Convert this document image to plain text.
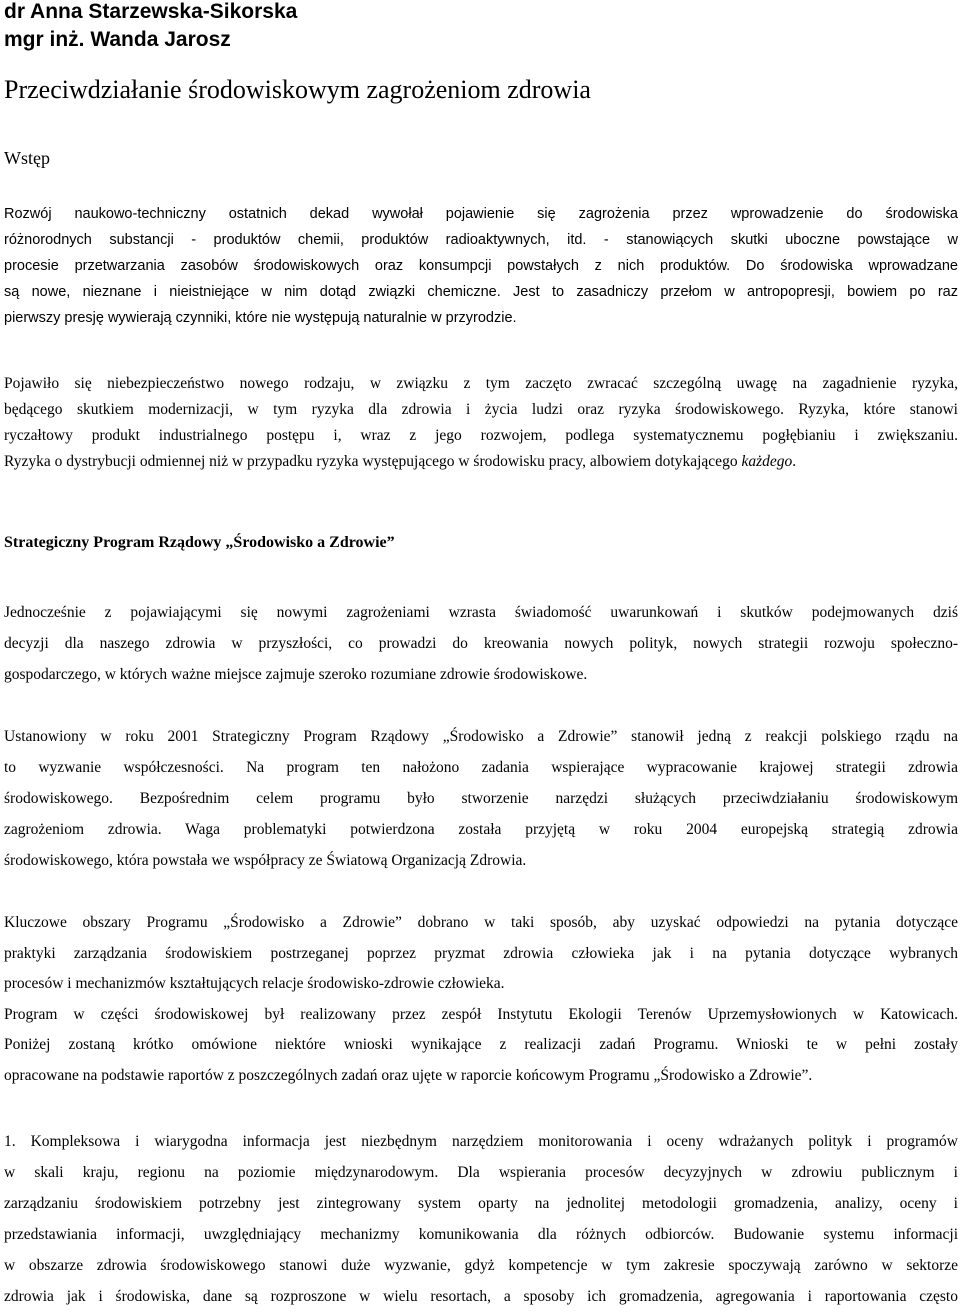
dr Anna Starzewska-Sikorska
mgr inż. Wanda Jarosz
Przeciwdziałanie środowiskowym zagrożeniom zdrowia
Wstęp
Rozwój naukowo-techniczny ostatnich dekad wywołał pojawienie się zagrożenia przez wprowadzenie do środowiska
różnorodnych substancji - produktów chemii, produktów radioaktywnych, itd. - stanowiących skutki uboczne powstające w
procesie przetwarzania zasobów środowiskowych oraz konsumpcji powstałych z nich produktów. Do środowiska wprowadzane
są nowe, nieznane i nieistniejące w nim dotąd związki chemiczne. Jest to zasadniczy przełom w antropopresji, bowiem po raz
pierwszy presję wywierają czynniki, które nie występują naturalnie w przyrodzie.
Pojawiło się niebezpieczeństwo nowego rodzaju, w związku z tym zaczęto zwracać szczególną uwagę na zagadnienie ryzyka,
będącego skutkiem modernizacji, w tym ryzyka dla zdrowia i życia ludzi oraz ryzyka środowiskowego. Ryzyka, które stanowi
ryczałtowy produkt industrialnego postępu i, wraz z jego rozwojem, podlega systematycznemu pogłębianiu i zwiększaniu.
Ryzyka o dystrybucji odmiennej niż w przypadku ryzyka występującego w środowisku pracy, albowiem dotykającego każdego.
Strategiczny Program Rządowy „Środowisko a Zdrowie”
Jednocześnie z pojawiającymi się nowymi zagrożeniami wzrasta świadomość uwarunkowań i skutków podejmowanych dziś
decyzji dla naszego zdrowia w przyszłości, co prowadzi do kreowania nowych polityk, nowych strategii rozwoju społeczno-
gospodarczego, w których ważne miejsce zajmuje szeroko rozumiane zdrowie środowiskowe.
Ustanowiony w roku 2001 Strategiczny Program Rządowy „Środowisko a Zdrowie” stanowił jedną z reakcji polskiego rządu na
to wyzwanie współczesności. Na program ten nałożono zadania wspierające wypracowanie krajowej strategii zdrowia
środowiskowego. Bezpośrednim celem programu było stworzenie narzędzi służących przeciwdziałaniu środowiskowym
zagrożeniom zdrowia. Waga problematyki potwierdzona została przyjętą w roku 2004 europejską strategią zdrowia
środowiskowego, która powstała we współpracy ze Światową Organizacją Zdrowia.
Kluczowe obszary Programu „Środowisko a Zdrowie” dobrano w taki sposób, aby uzyskać odpowiedzi na pytania dotyczące
praktyki zarządzania środowiskiem postrzeganej poprzez pryzmat zdrowia człowieka jak i na pytania dotyczące wybranych
procesów i mechanizmów kształtujących relacje środowisko-zdrowie człowieka.
Program w części środowiskowej był realizowany przez zespół Instytutu Ekologii Terenów Uprzemysłowionych w Katowicach.
Poniżej zostaną krótko omówione niektóre wnioski wynikające z realizacji zadań Programu. Wnioski te w pełni zostały
opracowane na podstawie raportów z poszczególnych zadań oraz ujęte w raporcie końcowym Programu „Środowisko a Zdrowie”.
1. Kompleksowa i wiarygodna informacja jest niezbędnym narzędziem monitorowania i oceny wdrażanych polityk i programów
w skali kraju, regionu na poziomie międzynarodowym. Dla wspierania procesów decyzyjnych w zdrowiu publicznym i
zarządzaniu środowiskiem potrzebny jest zintegrowany system oparty na jednolitej metodologii gromadzenia, analizy, oceny i
przedstawiania informacji, uwzględniający mechanizmy komunikowania dla różnych odbiorców. Budowanie systemu informacji
w obszarze zdrowia środowiskowego stanowi duże wyzwanie, gdyż kompetencje w tym zakresie spoczywają zarówno w sektorze
zdrowia jak i środowiska, dane są rozproszone w wielu resortach, a sposoby ich gromadzenia, agregowania i raportowania często
